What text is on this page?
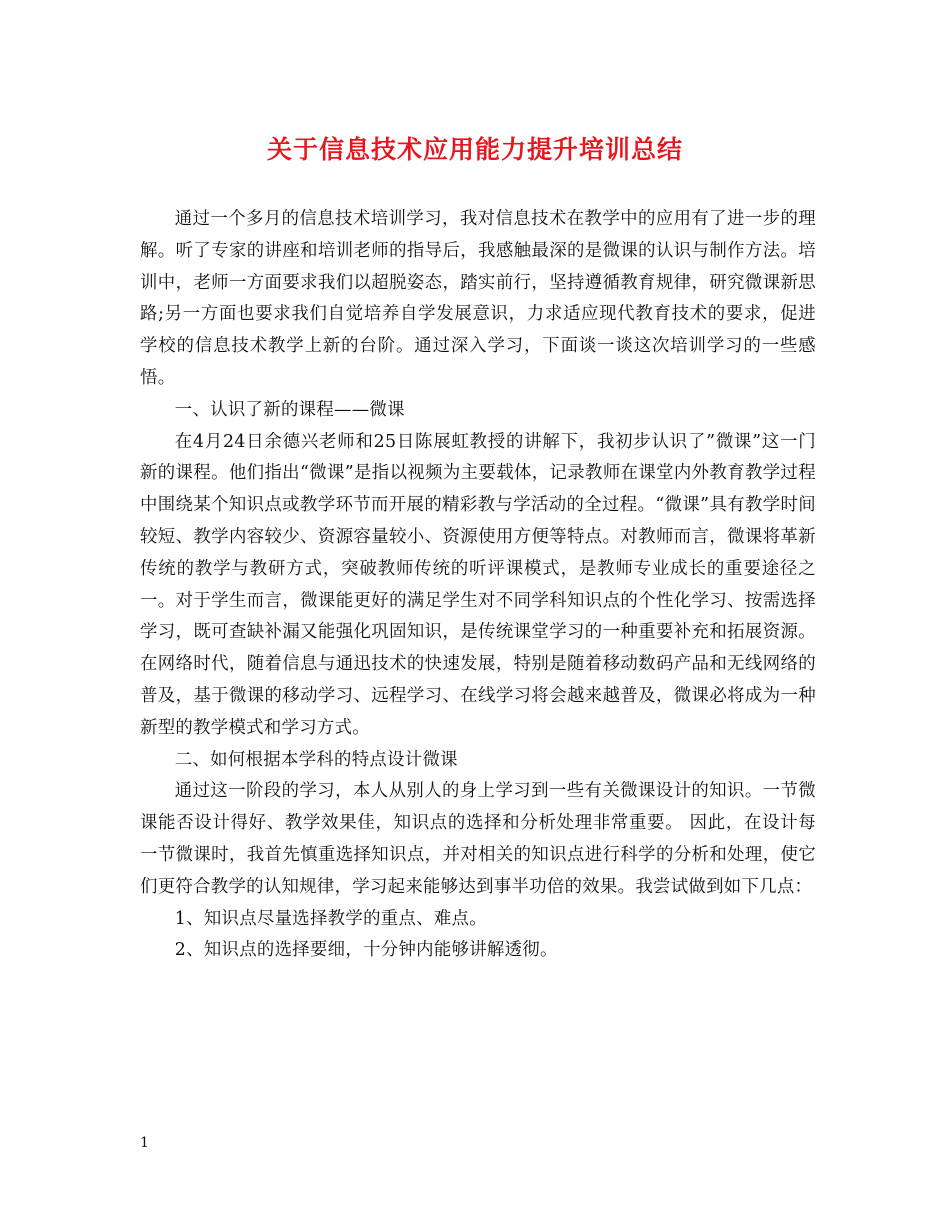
关于信息技术应用能力提升培训总结

通过一个多月的信息技术培训学习，我对信息技术在教学中的应用有了进一步的理解。听了专家的讲座和培训老师的指导后，我感触最深的是微课的认识与制作方法。培训中，老师一方面要求我们以超脱姿态，踏实前行，坚持遵循教育规律，研究微课新思路;另一方面也要求我们自觉培养自学发展意识，力求适应现代教育技术的要求，促进学校的信息技术教学上新的台阶。通过深入学习，下面谈一谈这次培训学习的一些感悟。

一、认识了新的课程——微课

在4月24日余德兴老师和25日陈展虹教授的讲解下，我初步认识了”微课”这一门新的课程。他们指出“微课”是指以视频为主要载体，记录教师在课堂内外教育教学过程中围绕某个知识点或教学环节而开展的精彩教与学活动的全过程。“微课”具有教学时间较短、教学内容较少、资源容量较小、资源使用方便等特点。对教师而言，微课将革新传统的教学与教研方式，突破教师传统的听评课模式，是教师专业成长的重要途径之一。对于学生而言，微课能更好的满足学生对不同学科知识点的个性化学习、按需选择学习，既可查缺补漏又能强化巩固知识，是传统课堂学习的一种重要补充和拓展资源。在网络时代，随着信息与通迅技术的快速发展，特别是随着移动数码产品和无线网络的普及，基于微课的移动学习、远程学习、在线学习将会越来越普及，微课必将成为一种新型的教学模式和学习方式。

二、如何根据本学科的特点设计微课

通过这一阶段的学习，本人从别人的身上学习到一些有关微课设计的知识。一节微课能否设计得好、教学效果佳，知识点的选择和分析处理非常重要。 因此，在设计每一节微课时，我首先慎重选择知识点，并对相关的知识点进行科学的分析和处理，使它们更符合教学的认知规律，学习起来能够达到事半功倍的效果。我尝试做到如下几点：

1、知识点尽量选择教学的重点、难点。

2、知识点的选择要细，十分钟内能够讲解透彻。

1
